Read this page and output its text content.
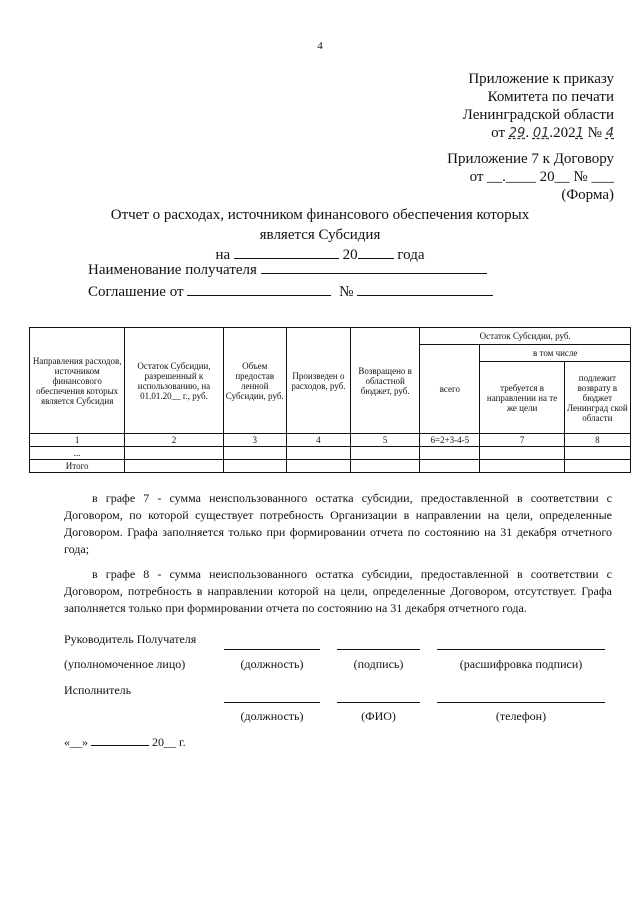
4
Приложение к приказу
Комитета по печати
Ленинградской области
от 29. 01.2021 № 4
Приложение 7 к Договору
от __.____ 20__ № ___
(Форма)
Отчет о расходах, источником финансового обеспечения которых
является Субсидия
на	20	года
Наименование получателя
Соглашение от	№
Направления расходов, источником финансового обеспечения которых является Субсидия	Остаток Субсидии, разрешенный к использованию, на 01.01.20__ г., руб.	Объем предостав ленной Субсидии, руб.	Произведен о расходов, руб.	Возвращено в областной бюджет, руб.	Остаток Субсидии, руб.		
					всего	в том числе	
						требуется в направлении на те же цели	подлежит возврату в бюджет Ленинград ской области
1	2	3	4	5	6=2+3-4-5	7	8
...							
Итого							
в графе 7 - сумма неиспользованного остатка субсидии, предоставленной в соответствии с Договором, по которой существует потребность Организации в направлении на цели, определенные Договором. Графа заполняется только при формировании отчета по состоянию на 31 декабря отчетного года;
в графе 8 - сумма неиспользованного остатка субсидии, предоставленной в соответствии с Договором, потребность в направлении которой на цели, определенные Договором, отсутствует. Графа заполняется только при формировании отчета по состоянию на 31 декабря отчетного года.
Руководитель Получателя
(уполномоченное лицо)	(должность)	(подпись)	(расшифровка подписи)
Исполнитель
(должность)	(ФИО)	(телефон)
«__»	20__ г.
